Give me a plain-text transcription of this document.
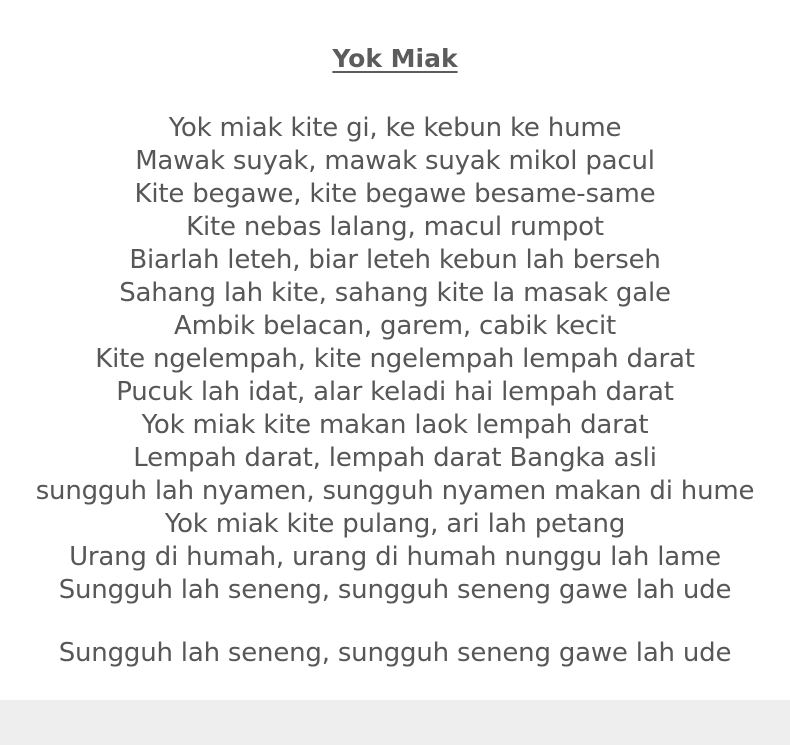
Yok Miak
Yok miak kite gi, ke kebun ke hume
Mawak suyak, mawak suyak mikol pacul
Kite begawe, kite begawe besame-same
Kite nebas lalang, macul rumpot
Biarlah leteh, biar leteh kebun lah berseh
Sahang lah kite, sahang kite la masak gale
Ambik belacan, garem, cabik kecit
Kite ngelempah, kite ngelempah lempah darat
Pucuk lah idat, alar keladi hai lempah darat
Yok miak kite makan laok lempah darat
Lempah darat, lempah darat Bangka asli
sungguh lah nyamen, sungguh nyamen makan di hume
Yok miak kite pulang, ari lah petang
Urang di humah, urang di humah nunggu lah lame
Sungguh lah seneng, sungguh seneng gawe lah ude
Sungguh lah seneng, sungguh seneng gawe lah ude
